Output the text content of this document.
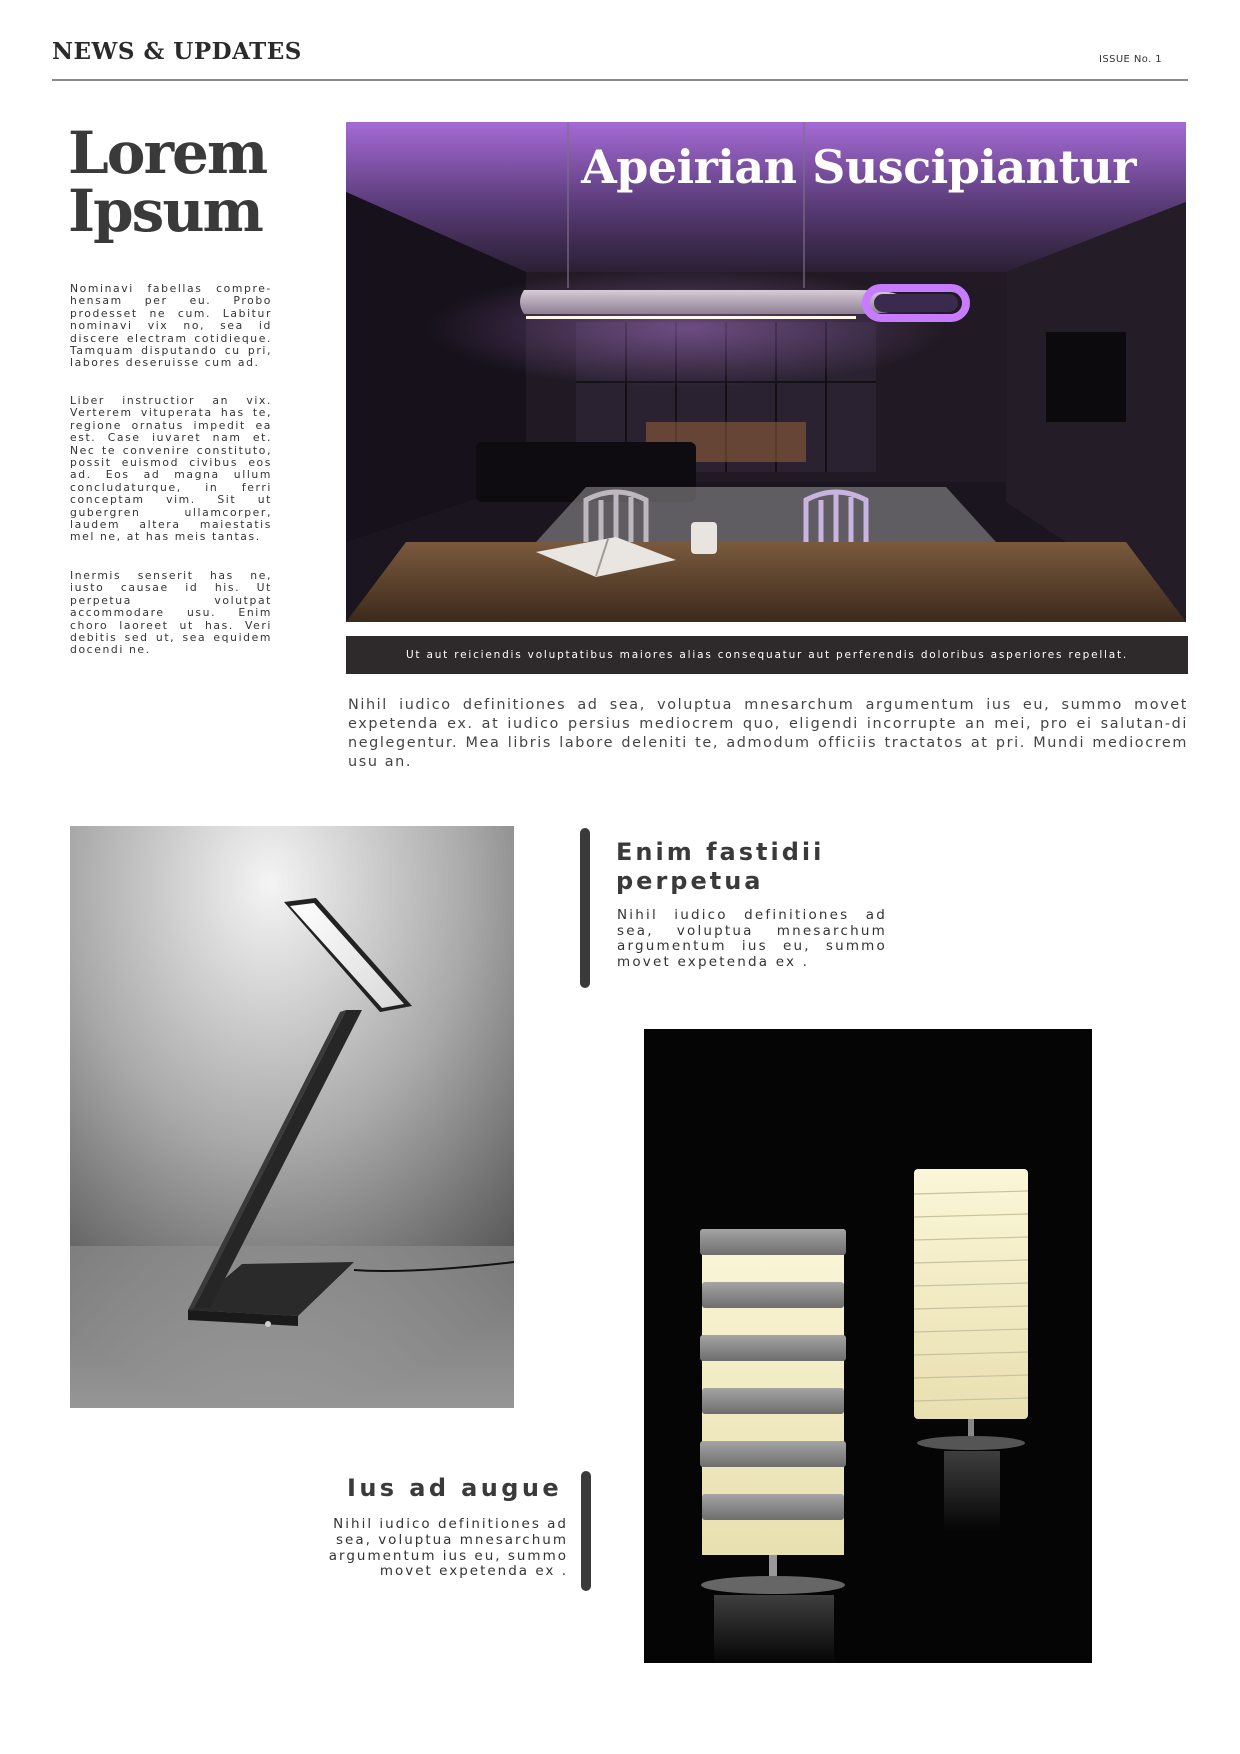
NEWS & UPDATES	ISSUE No. 1
Lorem Ipsum

Nominavi fabellas compre-hensam per eu. Probo prodesset ne cum. Labitur nominavi vix no, sea id discere electram cotidieque. Tamquam disputando cu pri, labores deseruisse cum ad.

Liber instructior an vix. Verterem vituperata has te, regione ornatus impedit ea est. Case iuvaret nam et. Nec te convenire constituto, possit euismod civibus eos ad. Eos ad magna ullum concludaturque, in ferri conceptam vim. Sit ut gubergren ullamcorper, laudem altera maiestatis mel ne, at has meis tantas.

Inermis senserit has ne, iusto causae id his. Ut perpetua volutpat accommodare usu. Enim choro laoreet ut has. Veri debitis sed ut, sea equidem docendi ne.

Apeirian Suscipiantur
Ut aut reiciendis voluptatibus maiores alias consequatur aut perferendis doloribus asperiores repellat.

Nihil iudico definitiones ad sea, voluptua mnesarchum argumentum ius eu, summo movet expetenda ex. at iudico persius mediocrem quo, eligendi incorrupte an mei, pro ei salutan-di neglegentur. Mea libris labore deleniti te, admodum officiis tractatos at pri. Mundi mediocrem usu an.

Enim fastidii perpetua

Nihil iudico definitiones ad sea, voluptua mnesarchum argumentum ius eu, summo movet expetenda ex .

Ius ad augue

Nihil iudico definitiones ad sea, voluptua mnesarchum argumentum ius eu, summo movet expetenda ex .
